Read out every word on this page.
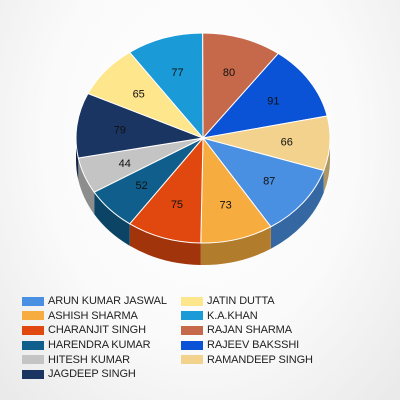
87
73
75
52
44
79
65
77	80
91
66
ARUN KUMAR JASWAL
ASHISH SHARMA
CHARANJIT SINGH
HARENDRA KUMAR
HITESH KUMAR
JAGDEEP SINGH
JATIN DUTTA
K.A.KHAN
RAJAN SHARMA
RAJEEV BAKSSHI
RAMANDEEP SINGH
